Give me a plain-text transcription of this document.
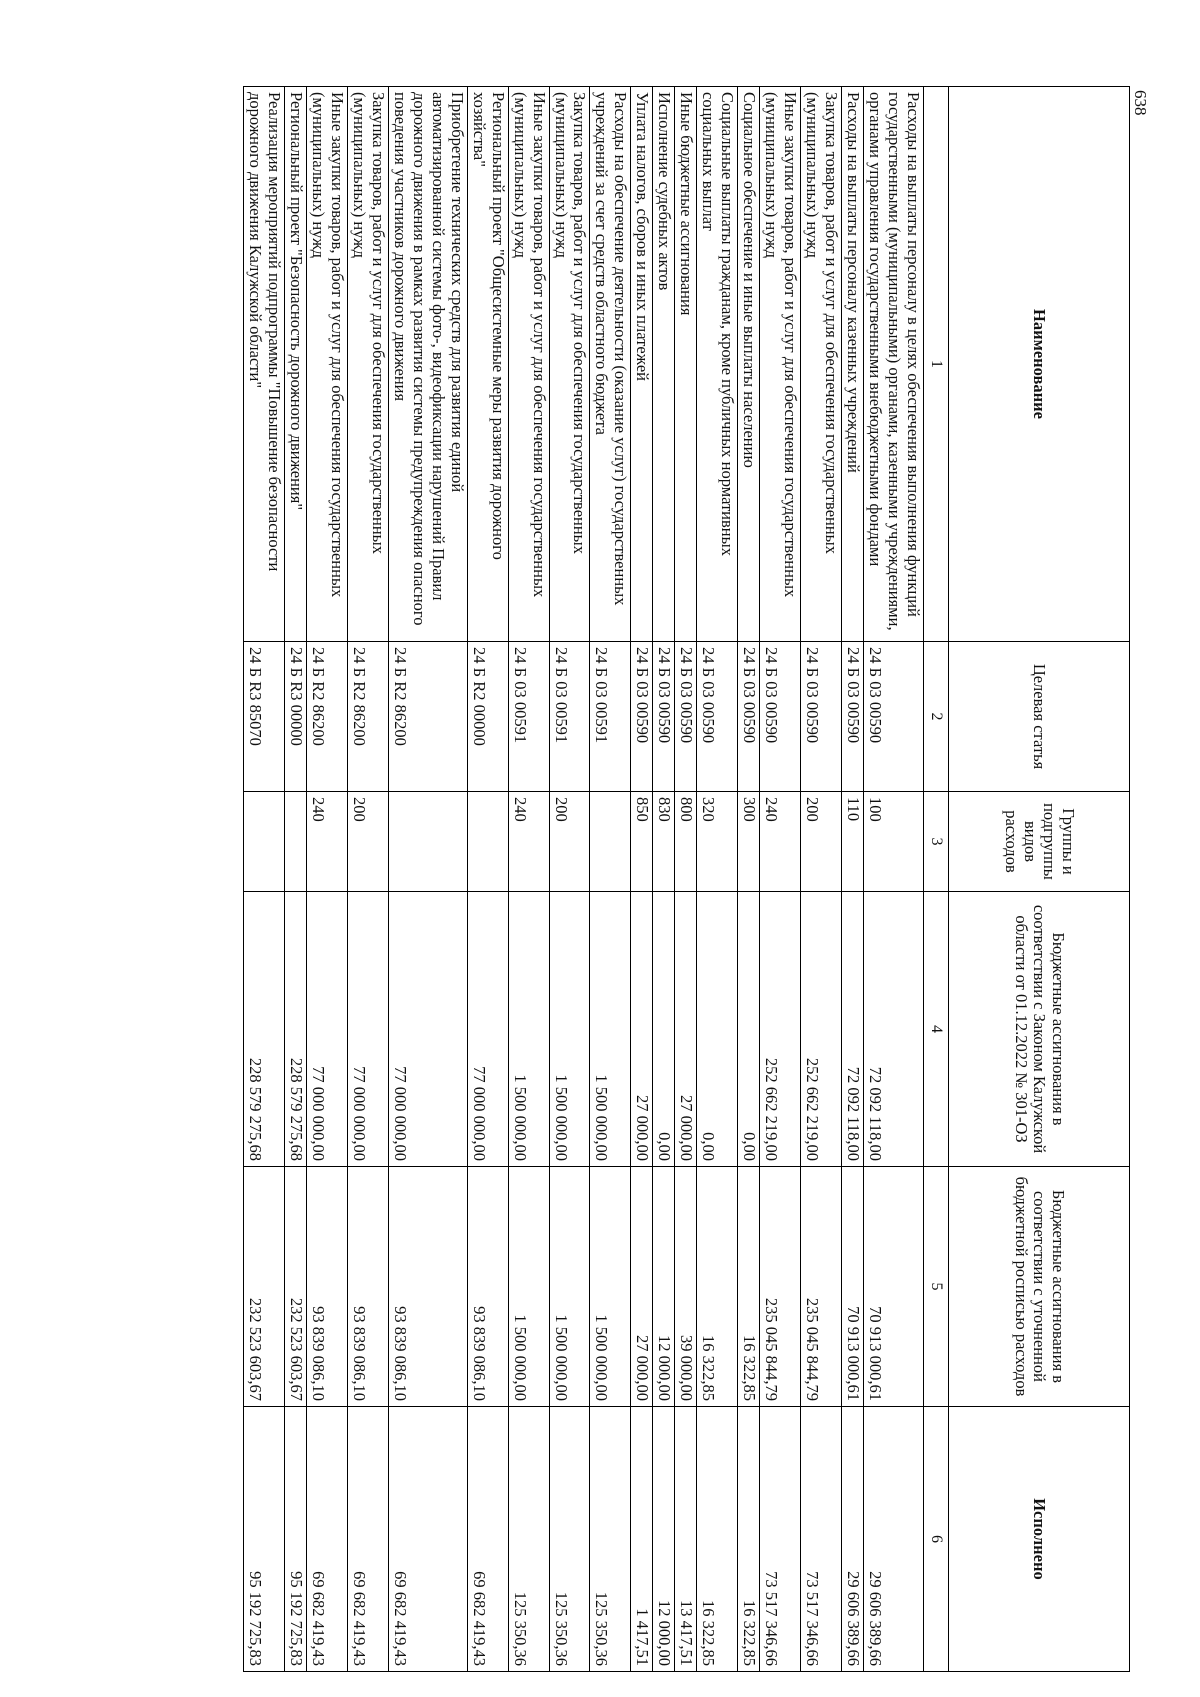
638
Наименование	Целевая статья	Группы и подгруппы видов расходов	Бюджетные ассигнования в соответствии с Законом Калужской области от 01.12.2022 № 301-ОЗ	Бюджетные ассигнования в соответствии с уточненной бюджетной росписью расходов	Исполнено
1	2	3	4	5	6
Расходы на выплаты персоналу в целях обеспечения выполнения функций государственными (муниципальными) органами, казенными учреждениями, органами управления государственными внебюджетными фондами	24 Б 03 00590	100	72 092 118,00	70 913 000,61	29 606 389,66
Расходы на выплаты персоналу казенных учреждений	24 Б 03 00590	110	72 092 118,00	70 913 000,61	29 606 389,66
Закупка товаров, работ и услуг для обеспечения государственных (муниципальных) нужд	24 Б 03 00590	200	252 662 219,00	235 045 844,79	73 517 346,66
Иные закупки товаров, работ и услуг для обеспечения государственных (муниципальных) нужд	24 Б 03 00590	240	252 662 219,00	235 045 844,79	73 517 346,66
Социальное обеспечение и иные выплаты населению	24 Б 03 00590	300	0,00	16 322,85	16 322,85
Социальные выплаты гражданам, кроме публичных нормативных социальных выплат	24 Б 03 00590	320	0,00	16 322,85	16 322,85
Иные бюджетные ассигнования	24 Б 03 00590	800	27 000,00	39 000,00	13 417,51
Исполнение судебных актов	24 Б 03 00590	830	0,00	12 000,00	12 000,00
Уплата налогов, сборов и иных платежей	24 Б 03 00590	850	27 000,00	27 000,00	1 417,51
Расходы на обеспечение деятельности (оказание услуг) государственных учреждений за счет средств областного бюджета	24 Б 03 00591		1 500 000,00	1 500 000,00	125 350,36
Закупка товаров, работ и услуг для обеспечения государственных (муниципальных) нужд	24 Б 03 00591	200	1 500 000,00	1 500 000,00	125 350,36
Иные закупки товаров, работ и услуг для обеспечения государственных (муниципальных) нужд	24 Б 03 00591	240	1 500 000,00	1 500 000,00	125 350,36
Региональный проект "Общесистемные меры развития дорожного хозяйства"	24 Б R2 00000		77 000 000,00	93 839 086,10	69 682 419,43
Приобретение технических средств для развития единой автоматизированной системы фото-, видеофиксации нарушений Правил дорожного движения в рамках развития системы предупреждения опасного поведения участников дорожного движения	24 Б R2 86200		77 000 000,00	93 839 086,10	69 682 419,43
Закупка товаров, работ и услуг для обеспечения государственных (муниципальных) нужд	24 Б R2 86200	200	77 000 000,00	93 839 086,10	69 682 419,43
Иные закупки товаров, работ и услуг для обеспечения государственных (муниципальных) нужд	24 Б R2 86200	240	77 000 000,00	93 839 086,10	69 682 419,43
Региональный проект "Безопасность дорожного движения"	24 Б R3 00000		228 579 275,68	232 523 603,67	95 192 725,83
Реализация мероприятий подпрограммы "Повышение безопасности дорожного движения Калужской области"	24 Б R3 85070		228 579 275,68	232 523 603,67	95 192 725,83
